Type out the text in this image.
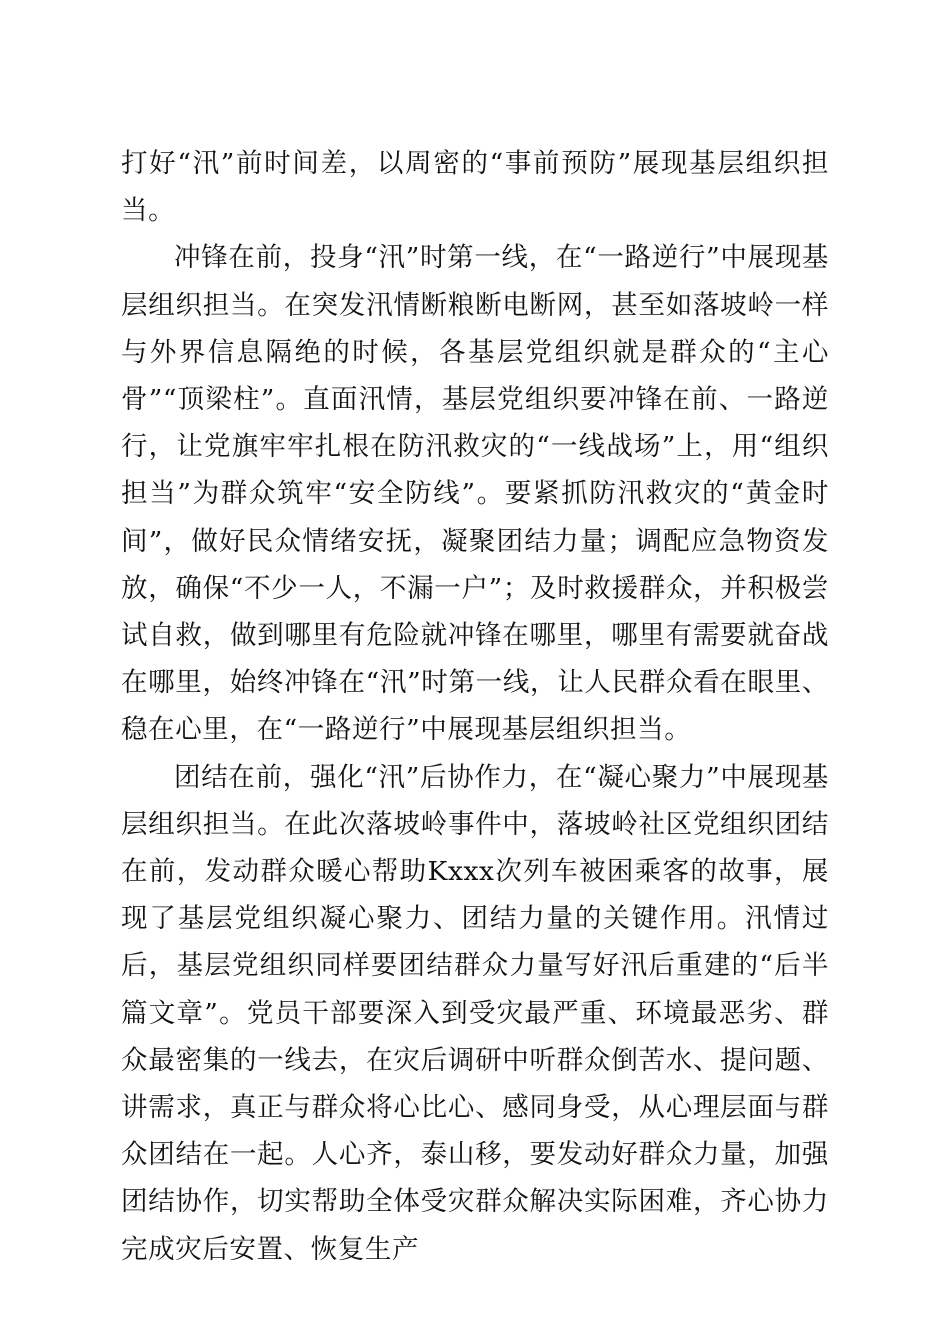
打好“汛”前时间差，以周密的“事前预防”展现基层组织担当。

冲锋在前，投身“汛”时第一线，在“一路逆行”中展现基层组织担当。在突发汛情断粮断电断网，甚至如落坡岭一样与外界信息隔绝的时候，各基层党组织就是群众的“主心骨”“顶梁柱”。直面汛情，基层党组织要冲锋在前、一路逆行，让党旗牢牢扎根在防汛救灾的“一线战场”上，用“组织担当”为群众筑牢“安全防线”。要紧抓防汛救灾的“黄金时间”，做好民众情绪安抚，凝聚团结力量；调配应急物资发放，确保“不少一人，不漏一户”；及时救援群众，并积极尝试自救，做到哪里有危险就冲锋在哪里，哪里有需要就奋战在哪里，始终冲锋在“汛”时第一线，让人民群众看在眼里、稳在心里，在“一路逆行”中展现基层组织担当。

团结在前，强化“汛”后协作力，在“凝心聚力”中展现基层组织担当。在此次落坡岭事件中，落坡岭社区党组织团结在前，发动群众暖心帮助Kxxx次列车被困乘客的故事，展现了基层党组织凝心聚力、团结力量的关键作用。汛情过后，基层党组织同样要团结群众力量写好汛后重建的“后半篇文章”。党员干部要深入到受灾最严重、环境最恶劣、群众最密集的一线去，在灾后调研中听群众倒苦水、提问题、讲需求，真正与群众将心比心、感同身受，从心理层面与群众团结在一起。人心齐，泰山移，要发动好群众力量，加强团结协作，切实帮助全体受灾群众解决实际困难，齐心协力完成灾后安置、恢复生产
